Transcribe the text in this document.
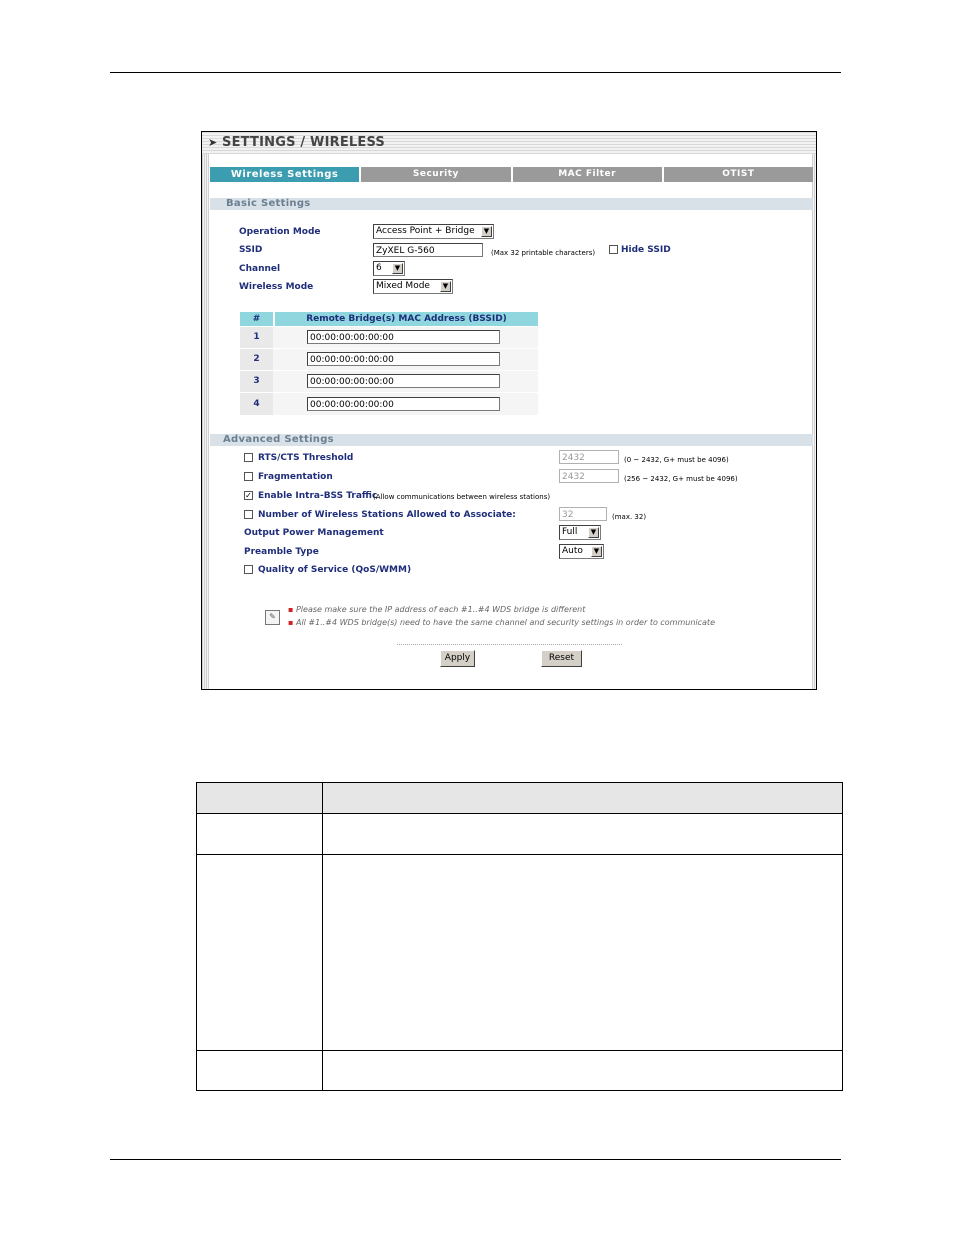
➤ SETTINGS / WIRELESS
Wireless Settings	Security	MAC Filter	OTIST
Basic Settings
Operation Mode	Access Point + Bridge	▼
SSID	ZyXEL G-560	(Max 32 printable characters)	Hide SSID
Channel	6	▼
Wireless Mode	Mixed Mode	▼
#	Remote Bridge(s) MAC Address (BSSID)
1	00:00:00:00:00:00
2	00:00:00:00:00:00
3	00:00:00:00:00:00
4	00:00:00:00:00:00
Advanced Settings
RTS/CTS Threshold	2432	(0 ~ 2432, G+ must be 4096)
Fragmentation	2432	(256 ~ 2432, G+ must be 4096)
✓ Enable Intra-BSS Traffic
(Allow communications between wireless stations)
Number of Wireless Stations Allowed to Associate:	32	(max. 32)
Output Power Management	Full	▼
Preamble Type	Auto	▼
Quality of Service (QoS/WMM)
✎
▪ Please make sure the IP address of each #1..#4 WDS bridge is different
▪ All #1..#4 WDS bridge(s) need to have the same channel and security settings in order to communicate
Apply	Reset
